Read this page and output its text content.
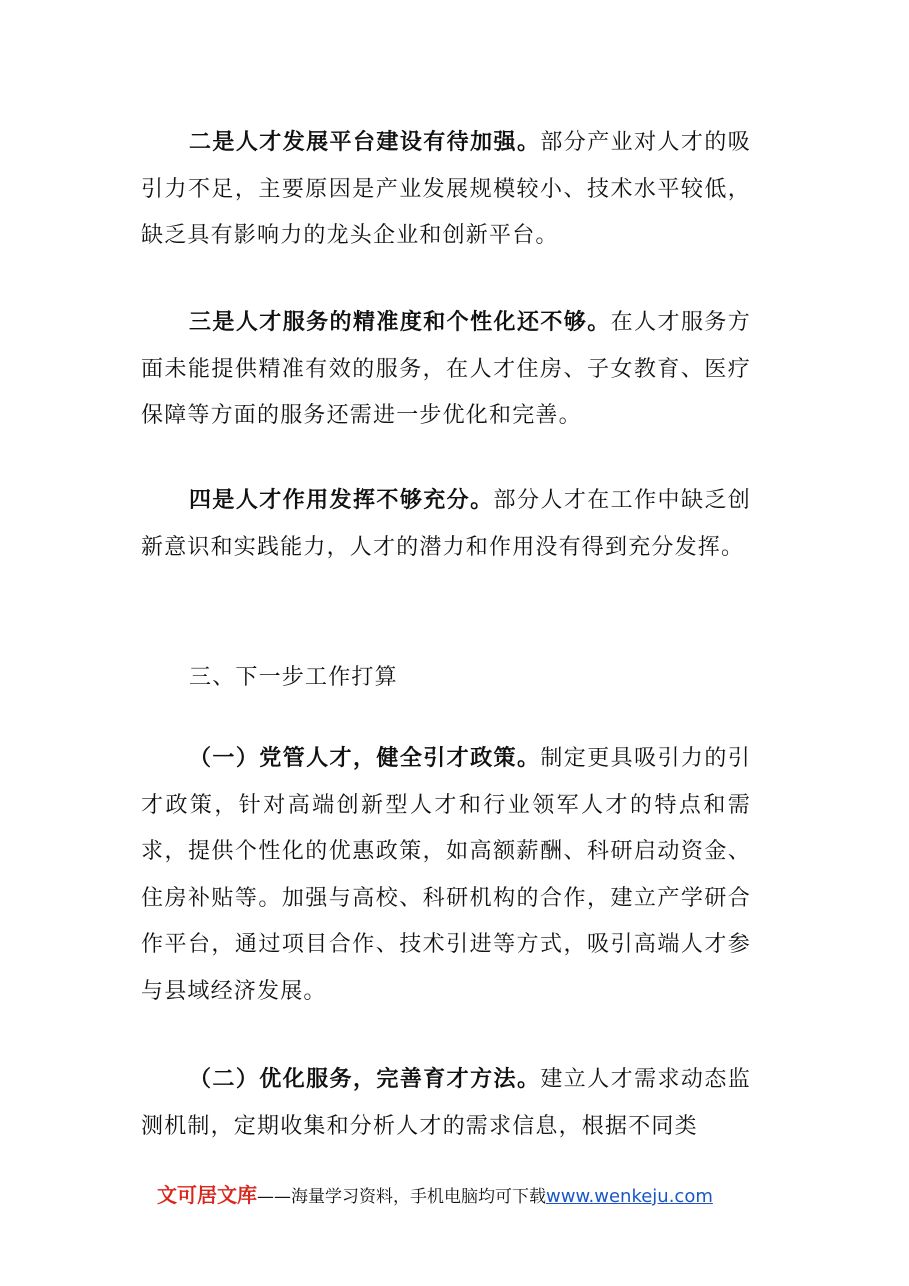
二是人才发展平台建设有待加强。部分产业对人才的吸引力不足，主要原因是产业发展规模较小、技术水平较低，缺乏具有影响力的龙头企业和创新平台。

三是人才服务的精准度和个性化还不够。在人才服务方面未能提供精准有效的服务，在人才住房、子女教育、医疗保障等方面的服务还需进一步优化和完善。

四是人才作用发挥不够充分。部分人才在工作中缺乏创新意识和实践能力，人才的潜力和作用没有得到充分发挥。

三、下一步工作打算

（一）党管人才，健全引才政策。制定更具吸引力的引才政策，针对高端创新型人才和行业领军人才的特点和需求，提供个性化的优惠政策，如高额薪酬、科研启动资金、住房补贴等。加强与高校、科研机构的合作，建立产学研合作平台，通过项目合作、技术引进等方式，吸引高端人才参与县域经济发展。

（二）优化服务，完善育才方法。建立人才需求动态监测机制，定期收集和分析人才的需求信息，根据不同类

文可居文库——海量学习资料，手机电脑均可下载www.wenkeju.com
